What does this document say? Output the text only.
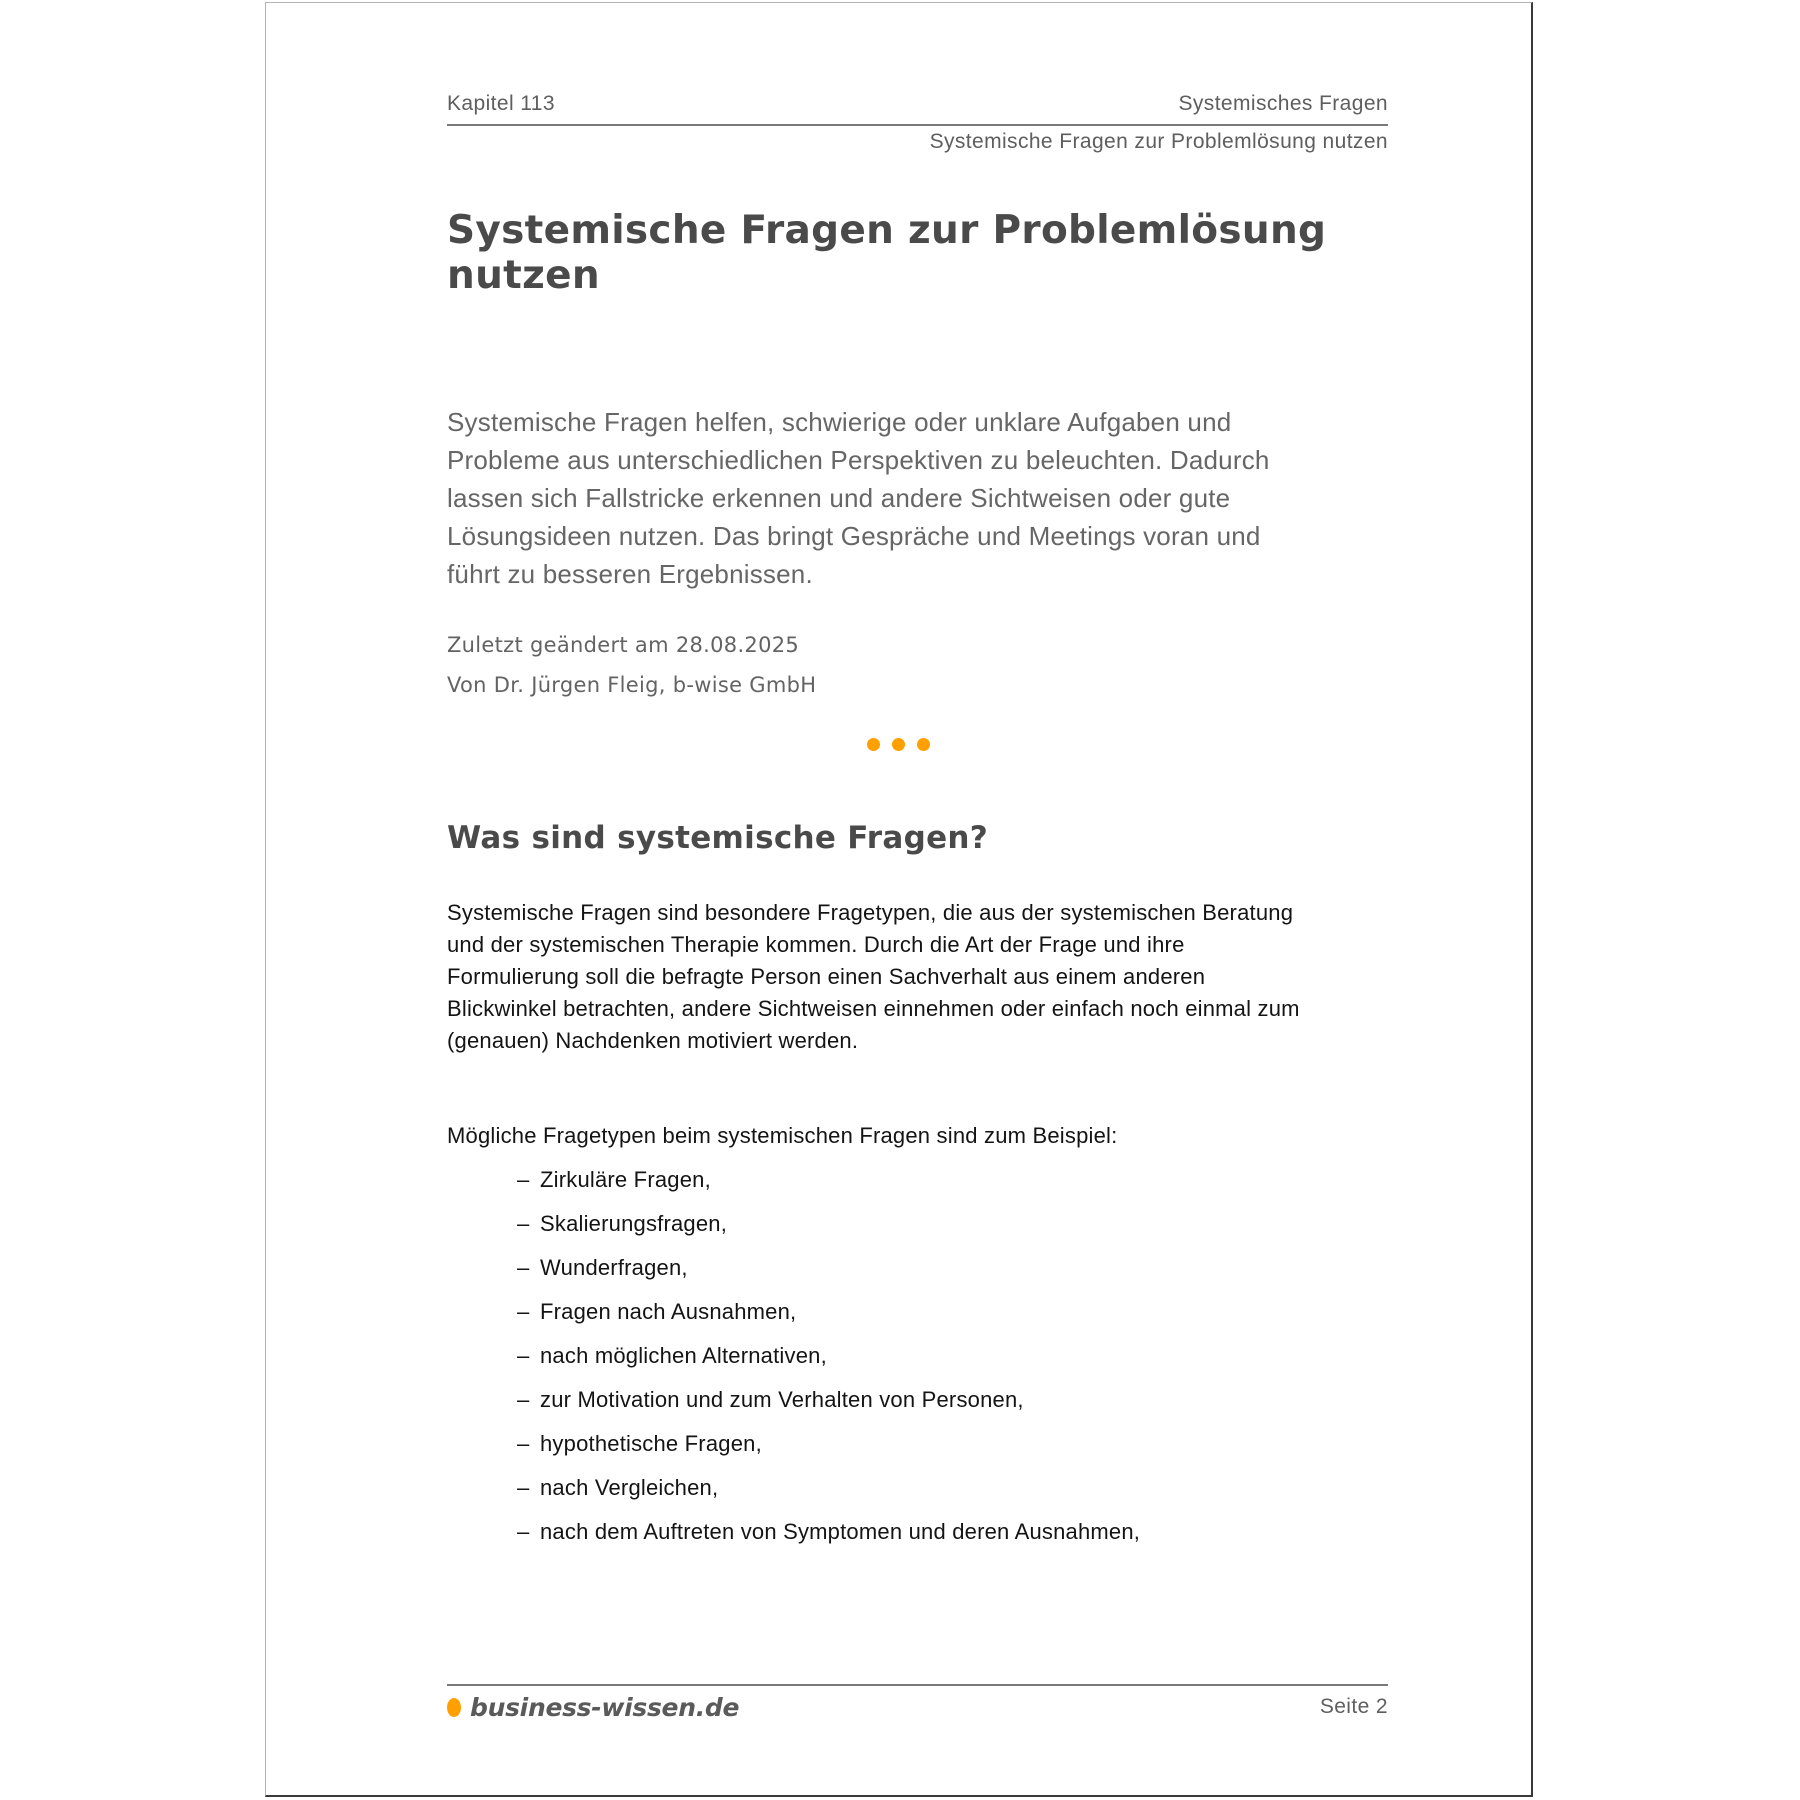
Kapitel 113	Systemisches Fragen
Systemische Fragen zur Problemlösung nutzen
Systemische Fragen zur Problemlösung
nutzen
Systemische Fragen helfen, schwierige oder unklare Aufgaben und
Probleme aus unterschiedlichen Perspektiven zu beleuchten. Dadurch
lassen sich Fallstricke erkennen und andere Sichtweisen oder gute
Lösungsideen nutzen. Das bringt Gespräche und Meetings voran und
führt zu besseren Ergebnissen.
Zuletzt geändert am 28.08.2025
Von Dr. Jürgen Fleig, b-wise GmbH
Was sind systemische Fragen?
Systemische Fragen sind besondere Fragetypen, die aus der systemischen Beratung
und der systemischen Therapie kommen. Durch die Art der Frage und ihre
Formulierung soll die befragte Person einen Sachverhalt aus einem anderen
Blickwinkel betrachten, andere Sichtweisen einnehmen oder einfach noch einmal zum
(genauen) Nachdenken motiviert werden.
Mögliche Fragetypen beim systemischen Fragen sind zum Beispiel:
– Zirkuläre Fragen,
– Skalierungsfragen,
– Wunderfragen,
– Fragen nach Ausnahmen,
– nach möglichen Alternativen,
– zur Motivation und zum Verhalten von Personen,
– hypothetische Fragen,
– nach Vergleichen,
– nach dem Auftreten von Symptomen und deren Ausnahmen,
business-wissen.de	Seite 2
